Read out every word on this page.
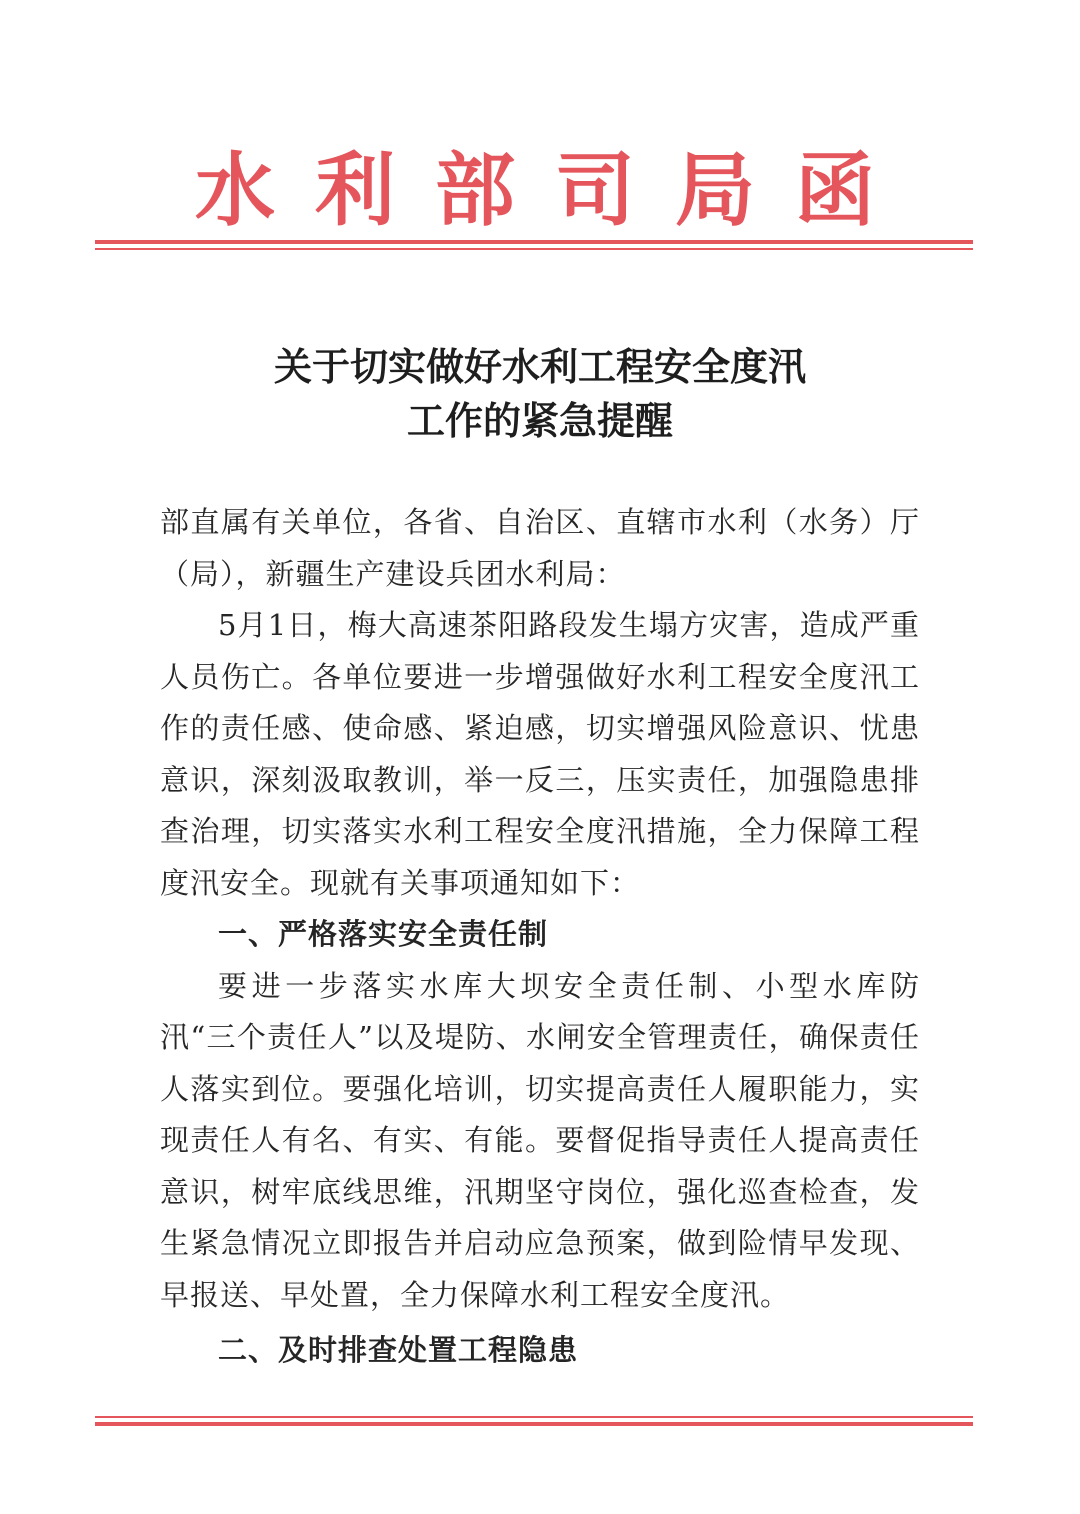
水 利 部 司 局 函
关于切实做好水利工程安全度汛
工作的紧急提醒

部直属有关单位，各省、自治区、直辖市水利（水务）厅（局），新疆生产建设兵团水利局：

5月1日，梅大高速茶阳路段发生塌方灾害，造成严重人员伤亡。各单位要进一步增强做好水利工程安全度汛工作的责任感、使命感、紧迫感，切实增强风险意识、忧患意识，深刻汲取教训，举一反三，压实责任，加强隐患排查治理，切实落实水利工程安全度汛措施，全力保障工程度汛安全。现就有关事项通知如下：

一、严格落实安全责任制

要进一步落实水库大坝安全责任制、小型水库防汛“三个责任人”以及堤防、水闸安全管理责任，确保责任人落实到位。要强化培训，切实提高责任人履职能力，实现责任人有名、有实、有能。要督促指导责任人提高责任意识，树牢底线思维，汛期坚守岗位，强化巡查检查，发生紧急情况立即报告并启动应急预案，做到险情早发现、早报送、早处置，全力保障水利工程安全度汛。

二、及时排查处置工程隐患
